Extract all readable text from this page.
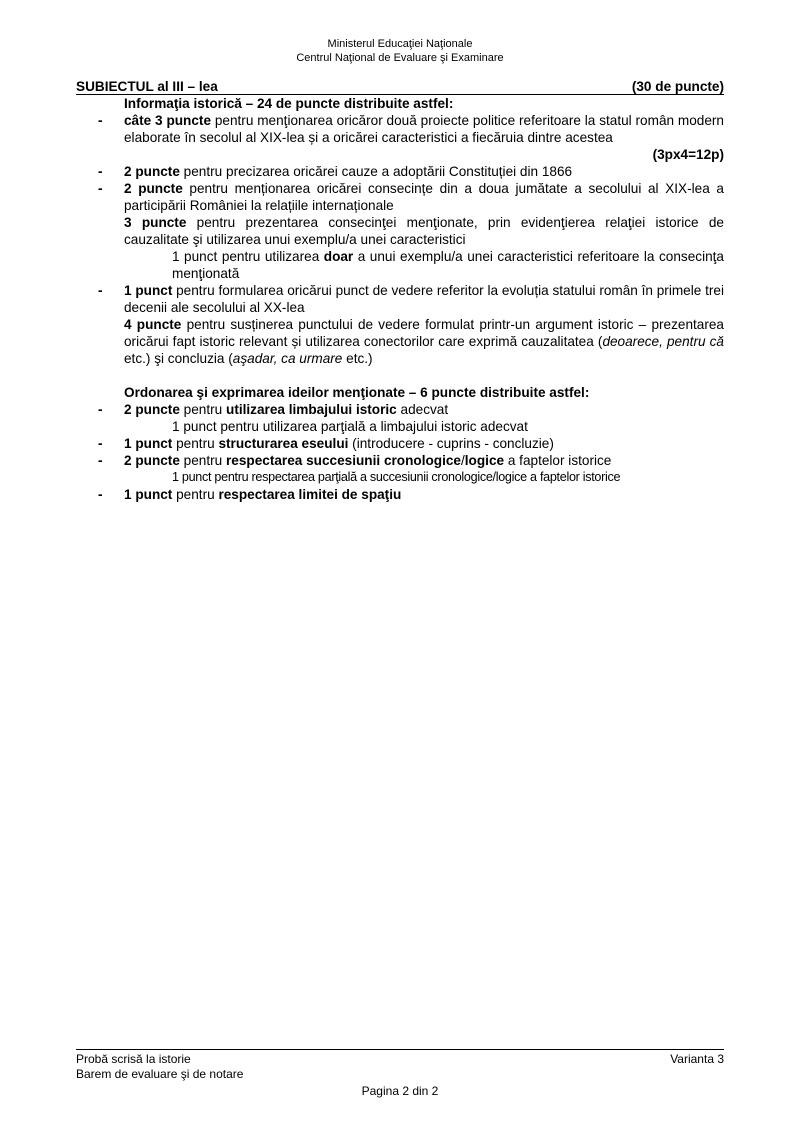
Ministerul Educaţiei Naţionale
Centrul Naţional de Evaluare şi Examinare
SUBIECTUL al III – lea	(30 de puncte)
Informaţia istorică – 24 de puncte distribuite astfel:
- câte 3 puncte pentru menţionarea oricăror două proiecte politice referitoare la statul român modern elaborate în secolul al XIX-lea și a oricărei caracteristici a fiecăruia dintre acestea
(3px4=12p)
- 2 puncte pentru precizarea oricărei cauze a adoptării Constituției din 1866
- 2 puncte pentru menționarea oricărei consecințe din a doua jumătate a secolului al XIX-lea a participării României la relațiile internaționale
3 puncte pentru prezentarea consecinţei menţionate, prin evidenţierea relaţiei istorice de cauzalitate şi utilizarea unui exemplu/a unei caracteristici
1 punct pentru utilizarea doar a unui exemplu/a unei caracteristici referitoare la consecinţa menţionată
- 1 punct pentru formularea oricărui punct de vedere referitor la evoluția statului român în primele trei decenii ale secolului al XX-lea
4 puncte pentru susținerea punctului de vedere formulat printr-un argument istoric – prezentarea oricărui fapt istoric relevant și utilizarea conectorilor care exprimă cauzalitatea (deoarece, pentru că etc.) şi concluzia (aşadar, ca urmare etc.)
Ordonarea şi exprimarea ideilor menţionate – 6 puncte distribuite astfel:
- 2 puncte pentru utilizarea limbajului istoric adecvat
1 punct pentru utilizarea parţială a limbajului istoric adecvat
- 1 punct pentru structurarea eseului (introducere - cuprins - concluzie)
- 2 puncte pentru respectarea succesiunii cronologice/logice a faptelor istorice
1 punct pentru respectarea parţială a succesiunii cronologice/logice a faptelor istorice
- 1 punct pentru respectarea limitei de spaţiu
Probă scrisă la istorie
Barem de evaluare şi de notare
Varianta 3
Pagina 2 din 2
